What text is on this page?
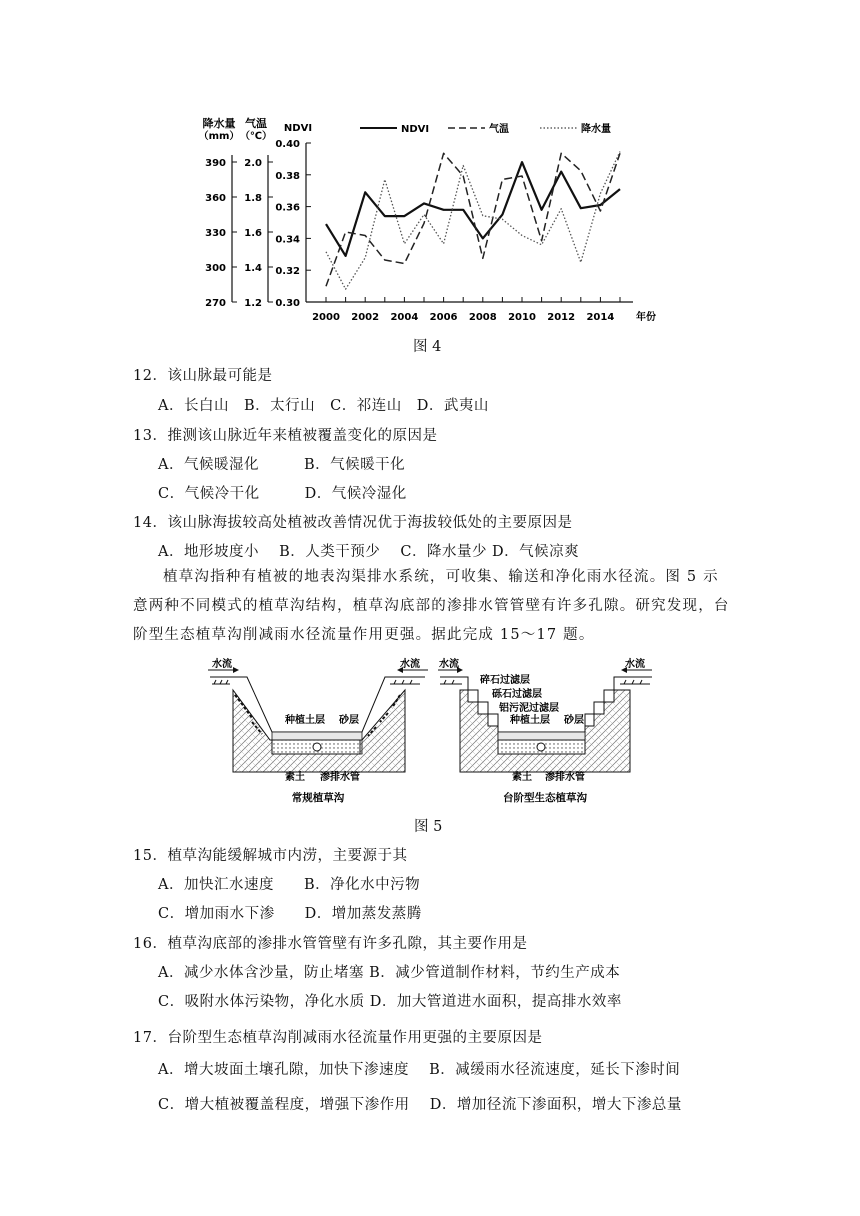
降水量
（mm）
气温
（℃）
NDVI	NDVI	气温	降水量
0.30
0.32
0.34
0.36
0.38
0.40
1.2
1.4
1.6
1.8
2.0
270
300
330
360
390
2000 2002 2004 2006 2008 2010 2012 2014 年份
图 4
12．该山脉最可能是
A．长白山　B．太行山　C．祁连山　D．武夷山
13．推测该山脉近年来植被覆盖变化的原因是
A．气候暖湿化　　　B．气候暖干化
C．气候冷干化　　　D．气候冷湿化
14．该山脉海拔较高处植被改善情况优于海拔较低处的主要原因是
A．地形坡度小　 B．人类干预少　 C．降水量少 D．气候凉爽
植草沟指种有植被的地表沟渠排水系统，可收集、输送和净化雨水径流。图 5 示意两种不同模式的植草沟结构，植草沟底部的渗排水管管壁有许多孔隙。研究发现，台阶型生态植草沟削减雨水径流量作用更强。据此完成 15～17 题。
水流	水流
种植土层 砂层
素土 渗排水管
常规植草沟
水流	水流
碎石过滤层
砾石过滤层
铝污泥过滤层
种植土层 砂层
素土 渗排水管
台阶型生态植草沟
图 5
15．植草沟能缓解城市内涝，主要源于其
A．加快汇水速度　　B．净化水中污物
C．增加雨水下渗　　D．增加蒸发蒸腾
16．植草沟底部的渗排水管管壁有许多孔隙，其主要作用是
A．减少水体含沙量，防止堵塞 B．减少管道制作材料，节约生产成本
C．吸附水体污染物，净化水质 D．加大管道进水面积，提高排水效率
17．台阶型生态植草沟削减雨水径流量作用更强的主要原因是
A．增大坡面土壤孔隙，加快下渗速度　 B．减缓雨水径流速度，延长下渗时间
C．增大植被覆盖程度，增强下渗作用　 D．增加径流下渗面积，增大下渗总量
